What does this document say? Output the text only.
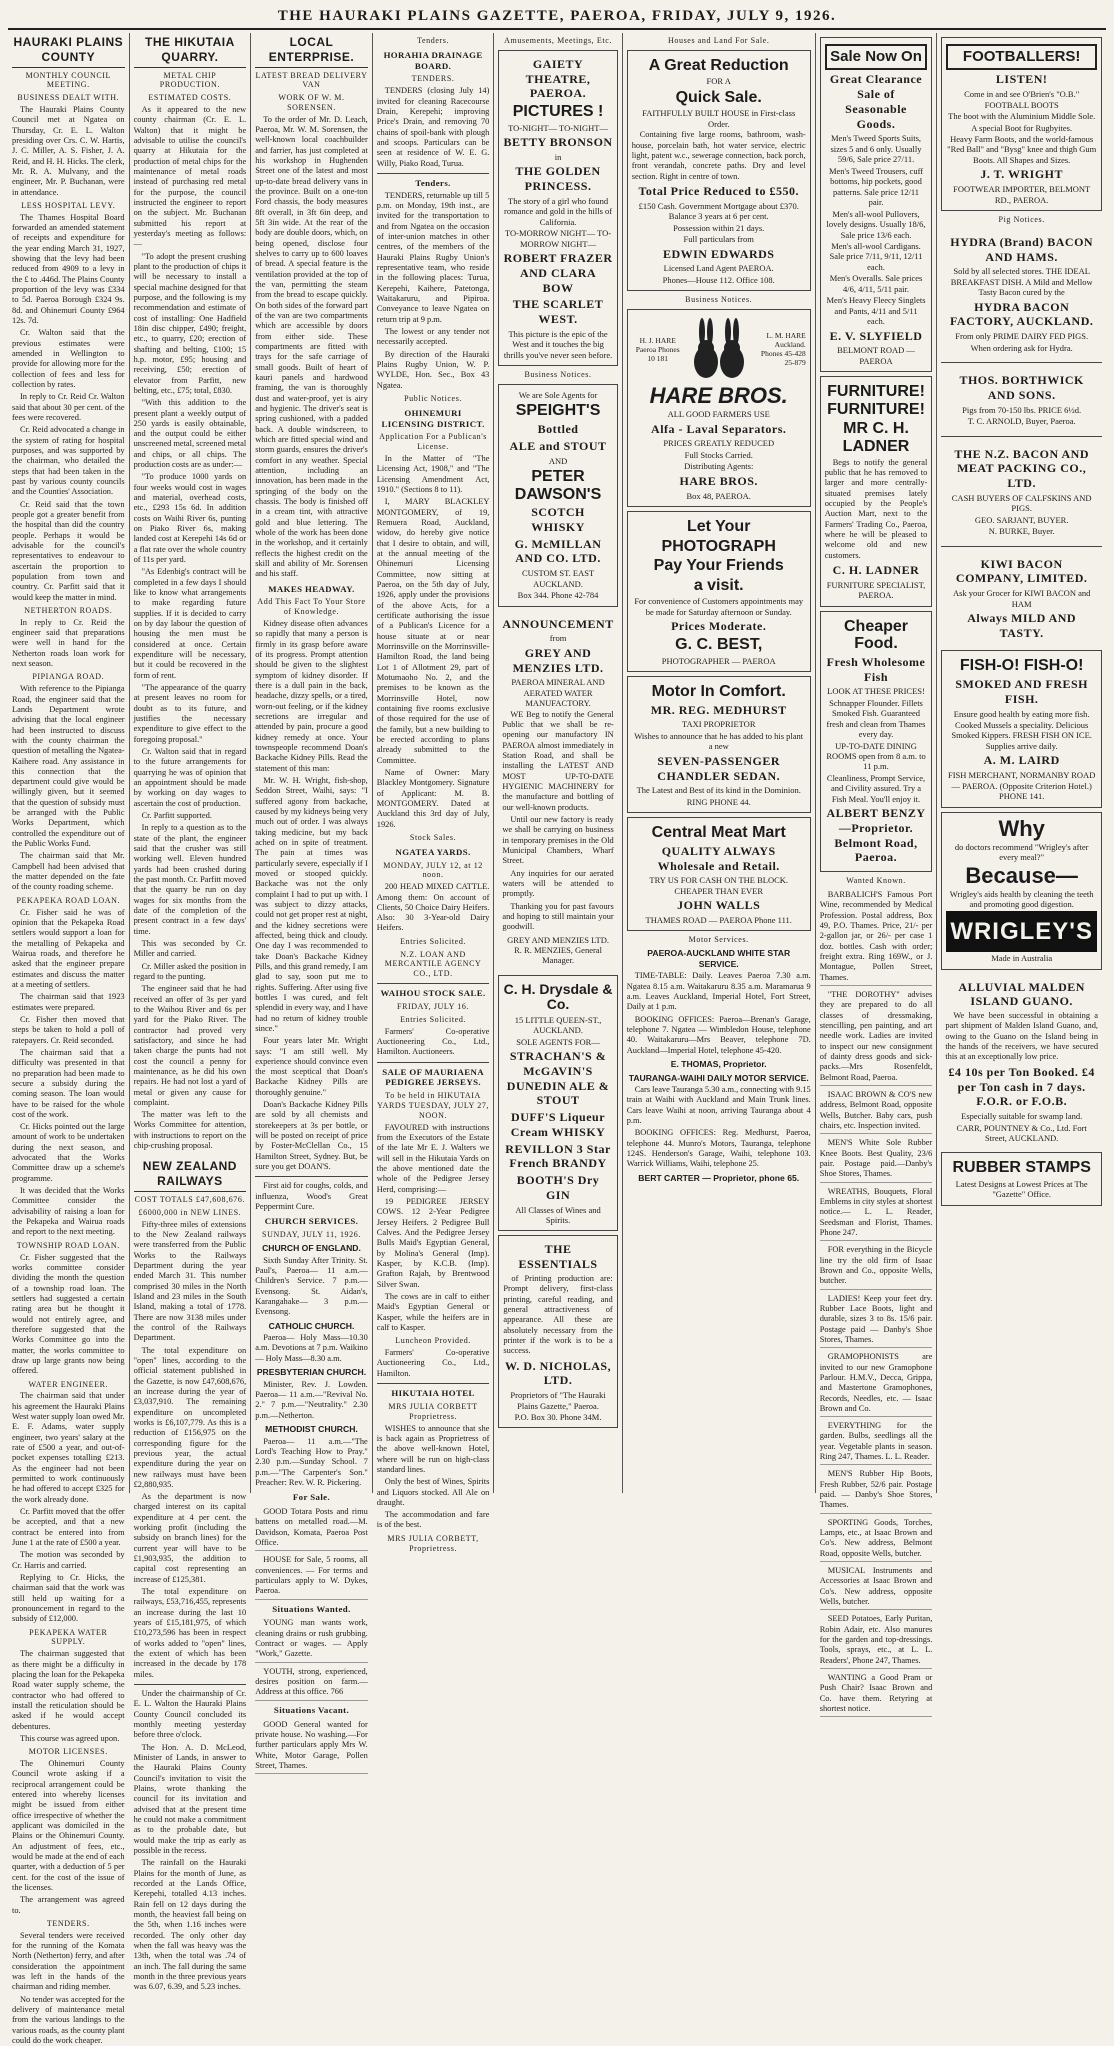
THE HAURAKI PLAINS GAZETTE, PAEROA, FRIDAY, JULY 9, 1926.
HAURAKI PLAINS COUNTY
MONTHLY COUNCIL MEETING.
BUSINESS DEALT WITH.

The Hauraki Plains County Council met at Ngatea on Thursday, Cr. E. L. Walton presiding over Crs. C. W. Hartis, J. C. Miller, A. S. Fisher, J. A. Reid, and H. H. Hicks. The clerk, Mr. R. A. Mulvany, and the engineer, Mr. P. Buchanan, were in attendance.

LESS HOSPITAL LEVY.

The Thames Hospital Board forwarded an amended statement of receipts and expenditure for the year ending March 31, 1927, showing that the levy had been reduced from 4909 to a levy in the £ to .446d. The Plains County proportion of the levy was £334 to 5d. Paeroa Borough £324 9s. 8d. and Ohinemuri County £964 12s. 7d.

Cr. Walton said that the previous estimates were amended in Wellington to provide for allowing more for the collection of fees and less for collection by rates.

In reply to Cr. Reid Cr. Walton said that about 30 per cent. of the fees were recovered.

Cr. Reid advocated a change in the system of rating for hospital purposes, and was supported by the chairman, who detailed the steps that had been taken in the past by various county councils and the Counties' Association.

Cr. Reid said that the town people got a greater benefit from the hospital than did the country people. Perhaps it would be advisable for the council's representatives to endeavour to ascertain the proportion to population from town and country. Cr. Parfitt said that it would keep the matter in mind.

NETHERTON ROADS.

In reply to Cr. Reid the engineer said that preparations were well in hand for the Netherton roads loan work for next season.

PIPIANGA ROAD.

With reference to the Pipianga Road, the engineer said that the Lands Department wrote advising that the local engineer had been instructed to discuss with the county chairman the question of metalling the Ngatea-Kaihere road. Any assistance in this connection that the department could give would be willingly given, but it seemed that the question of subsidy must be arranged with the Public Works Department, which controlled the expenditure out of the Public Works Fund.

The chairman said that Mr. Campbell had been advised that the matter depended on the fate of the county roading scheme.

PEKAPEKA ROAD LOAN.

Cr. Fisher said he was of opinion that the Pekapeka Road settlers would support a loan for the metalling of Pekapeka and Wairua roads, and therefore he asked that the engineer prepare estimates and discuss the matter at a meeting of settlers.

The chairman said that 1923 estimates were prepared.

Cr. Fisher then moved that steps be taken to hold a poll of ratepayers. Cr. Reid seconded.

The chairman said that a difficulty was presented in that no preparation had been made to secure a subsidy during the coming season. The loan would have to be raised for the whole cost of the work.

Cr. Hicks pointed out the large amount of work to be undertaken during the next season, and advocated that the Works Committee draw up a scheme's programme.

It was decided that the Works Committee consider the advisability of raising a loan for the Pekapeka and Wairua roads and report to the next meeting.

TOWNSHIP ROAD LOAN.

Cr. Fisher suggested that the works committee consider dividing the month the question of a township road loan. The settlers had suggested a certain rating area but he thought it would not entirely agree, and therefore suggested that the Works Committee go into the matter, the works committee to draw up large grants now being offered.

WATER ENGINEER.

The chairman said that under his agreement the Hauraki Plains West water supply loan owed Mr. E. F. Adams, water supply engineer, two years' salary at the rate of £500 a year, and out-of-pocket expenses totalling £213. As the engineer had not been permitted to work continuously he had offered to accept £325 for the work already done.

Cr. Parfitt moved that the offer be accepted, and that a new contract be entered into from June 1 at the rate of £500 a year.

The motion was seconded by Cr. Harris and carried.

Replying to Cr. Hicks, the chairman said that the work was still held up waiting for a pronouncement in regard to the subsidy of £12,000.

PEKAPEKA WATER SUPPLY.

The chairman suggested that as there might be a difficulty in placing the loan for the Pekapeka Road water supply scheme, the contractor who had offered to install the reticulation should be asked if he would accept debentures.

This course was agreed upon.

MOTOR LICENSES.

The Ohinemuri County Council wrote asking if a reciprocal arrangement could be entered into whereby licenses might be issued from either office irrespective of whether the applicant was domiciled in the Plains or the Ohinemuri County. An adjustment of fees, etc., would be made at the end of each quarter, with a deduction of 5 per cent. for the cost of the issue of the licenses.

The arrangement was agreed to.

TENDERS.

Several tenders were received for the running of the Komata North (Netherton) ferry, and after consideration the appointment was left in the hands of the chairman and riding member.

No tender was accepted for the delivery of maintenance metal from the various landings to the various roads, as the county plant could do the work cheaper.

THE HIKUTAIA QUARRY.
METAL CHIP PRODUCTION.
ESTIMATED COSTS.

As it appeared to the new county chairman (Cr. E. L. Walton) that it might be advisable to utilise the council's quarry at Hikutaia for the production of metal chips for the maintenance of metal roads instead of purchasing red metal for the purpose, the council instructed the engineer to report on the subject. Mr. Buchanan submitted his report at yesterday's meeting as follows:—

"To adopt the present crushing plant to the production of chips it will be necessary to install a special machine designed for that purpose, and the following is my recommendation and estimate of cost of installing: One Hadfield 18in disc chipper, £490; freight, etc., to quarry, £20; erection of shafting and belting, £100; 15 h.p. motor, £95; housing and receiving, £50; erection of elevator from Parfitt, new belting, etc., £75; total, £830.

"With this addition to the present plant a weekly output of 250 yards is easily obtainable, and the output could be either unscreened metal, screened metal and chips, or all chips. The production costs are as under:—

"To produce 1000 yards on four weeks would cost in wages and material, overhead costs, etc., £293 15s 6d. In addition costs on Waihi River 6s, punting on Piako River 6s, making landed cost at Kerepehi 14s 6d or a flat rate over the whole country of 11s per yard.

"As Edenbig's contract will be completed in a few days I should like to know what arrangements to make regarding future supplies. If it is decided to carry on by day labour the question of housing the men must be considered at once. Certain expenditure will be necessary, but it could be recovered in the form of rent.

"The appearance of the quarry at present leaves no room for doubt as to its future, and justifies the necessary expenditure to give effect to the foregoing proposal."

Cr. Walton said that in regard to the future arrangements for quarrying he was of opinion that an appointment should be made by working on day wages to ascertain the cost of production.

Cr. Parfitt supported.

In reply to a question as to the state of the plant, the engineer said that the crusher was still working well. Eleven hundred yards had been crushed during the past month. Cr. Parfitt moved that the quarry be run on day wages for six months from the date of the completion of the present contract in a few days' time.

This was seconded by Cr. Miller and carried.

Cr. Miller asked the position in regard to the punting.

The engineer said that he had received an offer of 3s per yard to the Waihou River and 6s per yard for the Piako River. The contractor had proved very satisfactory, and since he had taken charge the punts had not cost the council a penny for maintenance, as he did his own repairs. He had not lost a yard of metal or given any cause for complaint.

The matter was left to the Works Committee for attention, with instructions to report on the chip-crushing proposal.

NEW ZEALAND RAILWAYS
COST TOTALS £47,608,676.
£6000,000 in NEW LINES.

Fifty-three miles of extensions to the New Zealand railways were transferred from the Public Works to the Railways Department during the year ended March 31. This number comprised 30 miles in the North Island and 23 miles in the South Island, making a total of 1778. There are now 3138 miles under the control of the Railways Department.

The total expenditure on "open" lines, according to the official statement published in the Gazette, is now £47,608,676, an increase during the year of £3,037,910. The remaining expenditure on uncompleted works is £6,107,779. As this is a reduction of £156,975 on the corresponding figure for the previous year, the actual expenditure during the year on new railways must have been £2,880,935.

As the department is now charged interest on its capital expenditure at 4 per cent. the working profit (including the subsidy on branch lines) for the current year will have to be £1,903,935, the addition to capital cost representing an increase of £125,381.

The total expenditure on railways, £53,716,455, represents an increase during the last 10 years of £15,181,975, of which £10,273,596 has been in respect of works added to "open" lines, the extent of which has been increased in the decade by 178 miles.

Under the chairmanship of Cr. E. L. Walton the Hauraki Plains County Council concluded its monthly meeting yesterday before three o'clock.

The Hon. A. D. McLeod, Minister of Lands, in answer to the Hauraki Plains County Council's invitation to visit the Plains, wrote thanking the council for its invitation and advised that at the present time he could not make a commitment as to the probable date, but would make the trip as early as possible in the recess.

The rainfall on the Hauraki Plains for the month of June, as recorded at the Lands Office, Kerepehi, totalled 4.13 inches. Rain fell on 12 days during the month, the heaviest fall being on the 5th, when 1.16 inches were recorded. The only other day when the fall was heavy was the 13th, when the total was .74 of an inch. The fall during the same month in the three previous years was 6.07, 6.39, and 5.23 inches.

LOCAL ENTERPRISE.
LATEST BREAD DELIVERY VAN
WORK OF W. M. SORENSEN.

To the order of Mr. D. Leach, Paeroa, Mr. W. M. Sorensen, the well-known local coachbuilder and farrier, has just completed at his workshop in Hughenden Street one of the latest and most up-to-date bread delivery vans in the province. Built on a one-ton Ford chassis, the body measures 8ft overall, in 3ft 6in deep, and 5ft 3in wide. At the rear of the body are double doors, which, on being opened, disclose four shelves to carry up to 600 loaves of bread. A special feature is the ventilation provided at the top of the van, permitting the steam from the bread to escape quickly. On both sides of the forward part of the van are two compartments which are accessible by doors from either side. These compartments are fitted with trays for the safe carriage of small goods. Built of heart of kauri panels and hardwood framing, the van is thoroughly dust and water-proof, yet is airy and hygienic. The driver's seat is spring cushioned, with a padded back. A double windscreen, to which are fitted special wind and storm guards, ensures the driver's comfort in any weather. Special attention, including an innovation, has been made in the springing of the body on the chassis. The body is finished off in a cream tint, with attractive gold and blue lettering. The whole of the work has been done in the workshop, and it certainly reflects the highest credit on the skill and ability of Mr. Sorensen and his staff.

MAKES HEADWAY.
Add This Fact To Your Store of Knowledge.

Kidney disease often advances so rapidly that many a person is firmly in its grasp before aware of its progress. Prompt attention should be given to the slightest symptom of kidney disorder. If there is a dull pain in the back, headache, dizzy spells, or a tired, worn-out feeling, or if the kidney secretions are irregular and attended by pain, procure a good kidney remedy at once. Your townspeople recommend Doan's Backache Kidney Pills. Read the statement of this man:

Mr. W. H. Wright, fish-shop, Seddon Street, Waihi, says: "I suffered agony from backache, caused by my kidneys being very much out of order. I was always taking medicine, but my back ached on in spite of treatment. The pain at times was particularly severe, especially if I moved or stooped quickly. Backache was not the only complaint I had to put up with. I was subject to dizzy attacks, could not get proper rest at night, and the kidney secretions were affected, being thick and cloudy. One day I was recommended to take Doan's Backache Kidney Pills, and this grand remedy, I am glad to say, soon put me to rights. Suffering. After using five bottles I was cured, and felt splendid in every way, and I have had no return of kidney trouble since."

Four years later Mr. Wright says: "I am still well. My experience should convince even the most sceptical that Doan's Backache Kidney Pills are thoroughly genuine."

Doan's Backache Kidney Pills are sold by all chemists and storekeepers at 3s per bottle, or will be posted on receipt of price by Foster-McClellan Co., 15 Hamilton Street, Sydney. But, be sure you get DOAN'S.

First aid for coughs, colds, and influenza, Wood's Great Peppermint Cure.

CHURCH SERVICES.
SUNDAY, JULY 11, 1926.
CHURCH OF ENGLAND.

Sixth Sunday After Trinity. St. Paul's, Paeroa— 11 a.m.—Children's Service. 7 p.m.—Evensong. St. Aidan's, Karangahake— 3 p.m.—Evensong.

CATHOLIC CHURCH.

Paeroa— Holy Mass—10.30 a.m. Devotions at 7 p.m. Waikino— Holy Mass—8.30 a.m.

PRESBYTERIAN CHURCH.

Minister, Rev. J. Lowden. Paeroa— 11 a.m.—"Revival No. 2." 7 p.m.—"Neutrality." 2.30 p.m.—Netherton.

METHODIST CHURCH.

Paeroa— 11 a.m.—"The Lord's Teaching How to Pray." 2.30 p.m.—Sunday School. 7 p.m.—"The Carpenter's Son." Preacher: Rev. W. R. Pickering.

For Sale.

GOOD Totara Posts and rimu battens on metalled road.—M. Davidson, Komata, Paeroa Post Office.

HOUSE for Sale, 5 rooms, all conveniences. — For terms and particulars apply to W. Dykes, Paeroa.

Situations Wanted.

YOUNG man wants work, cleaning drains or rush grubbing. Contract or wages. — Apply "Work," Gazette.

YOUTH, strong, experienced, desires position on farm.—Address at this office. 766

Situations Vacant.

GOOD General wanted for private house. No washing.—For further particulars apply Mrs W. White, Motor Garage, Pollen Street, Thames.

Tenders.
HORAHIA DRAINAGE BOARD.
TENDERS.

TENDERS (closing July 14) invited for cleaning Racecourse Drain, Kerepehi; improving Price's Drain, and removing 70 chains of spoil-bank with plough and scoops. Particulars can be seen at residence of W. E. G. Willy, Piako Road, Turua.

Tenders.

TENDERS, returnable up till 5 p.m. on Monday, 19th inst., are invited for the transportation to and from Ngatea on the occasion of inter-union matches in other centres, of the members of the Hauraki Plains Rugby Union's representative team, who reside in the following places: Turua, Kerepehi, Kaihere, Patetonga, Waitakaruru, and Pipiroa. Conveyance to leave Ngatea on return trip at 9 p.m.

The lowest or any tender not necessarily accepted.

By direction of the Hauraki Plains Rugby Union, W. P. WYLDE, Hon. Sec., Box 43 Ngatea.

Public Notices.
OHINEMURI LICENSING DISTRICT.
Application For a Publican's License.

In the Matter of "The Licensing Act, 1908," and "The Licensing Amendment Act, 1910." (Sections 8 to 11).

I, MARY BLACKLEY MONTGOMERY, of 19, Remuera Road, Auckland, widow, do hereby give notice that I desire to obtain, and will, at the annual meeting of the Ohinemuri Licensing Committee, now sitting at Paeroa, on the 5th day of July, 1926, apply under the provisions of the above Acts, for a certificate authorising the issue of a Publican's Licence for a house situate at or near Morrinsville on the Morrinsville-Hamilton Road, the land being Lot 1 of Allotment 29, part of Motumaoho No. 2, and the premises to be known as the Morrinsville Hotel, now containing five rooms exclusive of those required for the use of the family, but a new building to be erected according to plans already submitted to the Committee.

Name of Owner: Mary Blackley Montgomery. Signature of Applicant: M. B. MONTGOMERY. Dated at Auckland this 3rd day of July, 1926.

Stock Sales.
NGATEA YARDS.
MONDAY, JULY 12, at 12 noon.

200 HEAD MIXED CATTLE. Among them: On account of Clients, 50 Choice Dairy Heifers. Also: 30 3-Year-old Dairy Heifers.

Entries Solicited.
N.Z. LOAN AND MERCANTILE AGENCY CO., LTD.
WAIHOU STOCK SALE.
FRIDAY, JULY 16.
Entries Solicited.

Farmers' Co-operative Auctioneering Co., Ltd., Hamilton. Auctioneers.

SALE OF MAURIAENA PEDIGREE JERSEYS.
To be held in HIKUTAIA YARDS TUESDAY, JULY 27, NOON.

FAVOURED with instructions from the Executors of the Estate of the late Mr E. J. Walters we will sell in the Hikutaia Yards on the above mentioned date the whole of the Pedigree Jersey Herd, comprising:—

19 PEDIGREE JERSEY COWS. 12 2-Year Pedigree Jersey Heifers. 2 Pedigree Bull Calves. And the Pedigree Jersey Bulls Maid's Egyptian General, by Molina's General (Imp). Kasper, by K.C.B. (Imp). Grafton Rajah, by Brentwood Silver Swan.

The cows are in calf to either Maid's Egyptian General or Kasper, while the heifers are in calf to Kasper.

Luncheon Provided.

Farmers' Co-operative Auctioneering Co., Ltd., Hamilton.

HIKUTAIA HOTEL
MRS JULIA CORBETT Proprietress.

WISHES to announce that she is back again as Proprietress of the above well-known Hotel, where will be run on high-class standard lines.

Only the best of Wines, Spirits and Liquors stocked. All Ale on draught.

The accommodation and fare is of the best.

MRS JULIA CORBETT, Proprietress.
Amusements, Meetings, Etc.
GAIETY THEATRE, PAEROA.
PICTURES !
TO-NIGHT— TO-NIGHT—
BETTY BRONSON
in
THE GOLDEN PRINCESS.
The story of a girl who found romance and gold in the hills of California.
TO-MORROW NIGHT— TO-MORROW NIGHT—
ROBERT FRAZER AND CLARA BOW
THE SCARLET WEST.
This picture is the epic of the West and it touches the big thrills you've never seen before.
Business Notices.
We are Sole Agents for
SPEIGHT'S
Bottled
ALE and STOUT
AND
PETER DAWSON'S
SCOTCH WHISKY
G. McMILLAN AND CO. LTD.
CUSTOM ST. EAST AUCKLAND.
Box 344. Phone 42-784
ANNOUNCEMENT
from
GREY AND MENZIES LTD.
PAEROA MINERAL AND AERATED WATER MANUFACTORY.

WE Beg to notify the General Public that we shall be re-opening our manufactory IN PAEROA almost immediately in Station Road, and shall be installing the LATEST AND MOST UP-TO-DATE HYGIENIC MACHINERY for the manufacture and bottling of our well-known products.

Until our new factory is ready we shall be carrying on business in temporary premises in the Old Municipal Chambers, Wharf Street.

Any inquiries for our aerated waters will be attended to promptly.

Thanking you for past favours and hoping to still maintain your goodwill.

GREY AND MENZIES LTD. R. R. MENZIES, General Manager.
C. H. Drysdale & Co.
15 LITTLE QUEEN-ST., AUCKLAND.
SOLE AGENTS FOR—
STRACHAN'S & McGAVIN'S DUNEDIN ALE & STOUT
DUFF'S Liqueur Cream WHISKY
REVILLON 3 Star French BRANDY
BOOTH'S Dry GIN
All Classes of Wines and Spirits.
THE ESSENTIALS

of Printing production are: Prompt delivery, first-class printing, careful reading, and general attractiveness of appearance. All these are absolutely necessary from the printer if the work is to be a success.

W. D. NICHOLAS, LTD.
Proprietors of "The Hauraki Plains Gazette," Paeroa.
P.O. Box 30. Phone 34M.
Houses and Land For Sale.
A Great Reduction
FOR A
Quick Sale.
FAITHFULLY BUILT HOUSE in First-class Order.

Containing five large rooms, bathroom, wash-house, porcelain bath, hot water service, electric light, patent w.c., sewerage connection, back porch, front verandah, concrete paths. Dry and level section. Right in centre of town.

Total Price Reduced to £550.
£150 Cash. Government Mortgage about £370. Balance 3 years at 6 per cent.
Possession within 21 days.
Full particulars from
EDWIN EDWARDS
Licensed Land Agent PAEROA.
Phones—House 112. Office 108.
Business Notices.
H. J. HARE Paeroa Phones 10 181
L. M. HARE Auckland. Phones 45-428 25-879
HARE BROS.
ALL GOOD FARMERS USE
Alfa - Laval Separators.
PRICES GREATLY REDUCED
Full Stocks Carried.
Distributing Agents:
HARE BROS.
Box 48, PAEROA.
Let Your
PHOTOGRAPH
Pay Your Friends
a visit.
For convenience of Customers appointments may be made for Saturday afternoon or Sunday.
Prices Moderate.
G. C. BEST,
PHOTOGRAPHER — PAEROA
Motor In Comfort.
MR. REG. MEDHURST
TAXI PROPRIETOR
Wishes to announce that he has added to his plant a new
SEVEN-PASSENGER CHANDLER SEDAN.
The Latest and Best of its kind in the Dominion.
RING PHONE 44.
Central Meat Mart
QUALITY ALWAYS Wholesale and Retail.
TRY US FOR CASH ON THE BLOCK. CHEAPER THAN EVER
JOHN WALLS
THAMES ROAD — PAEROA Phone 111.
Motor Services.
PAEROA-AUCKLAND WHITE STAR SERVICE.

TIME-TABLE: Daily. Leaves Paeroa 7.30 a.m. Ngatea 8.15 a.m. Waitakaruru 8.35 a.m. Maramarua 9 a.m. Leaves Auckland, Imperial Hotel, Fort Street, Daily at 1 p.m.

BOOKING OFFICES: Paeroa—Brenan's Garage, telephone 7. Ngatea — Wimbledon House, telephone 40. Waitakaruru—Mrs Beaver, telephone 7D. Auckland—Imperial Hotel, telephone 45-420.

E. THOMAS, Proprietor.
TAURANGA-WAIHI DAILY MOTOR SERVICE.

Cars leave Tauranga 5.30 a.m., connecting with 9.15 train at Waihi with Auckland and Main Trunk lines. Cars leave Waihi at noon, arriving Tauranga about 4 p.m.

BOOKING OFFICES: Reg. Medhurst, Paeroa, telephone 44. Munro's Motors, Tauranga, telephone 124S. Henderson's Garage, Waihi, telephone 103. Warrick Williams, Waihi, telephone 25.

BERT CARTER — Proprietor, phone 65.
Sale Now On
Great Clearance Sale of Seasonable Goods.
Men's Tweed Sports Suits, sizes 5 and 6 only. Usually 59/6, Sale price 27/11.
Men's Tweed Trousers, cuff bottoms, hip pockets, good patterns. Sale price 12/11 pair.
Men's all-wool Pullovers, lovely designs. Usually 18/6, Sale price 13/6 each.
Men's all-wool Cardigans. Sale price 7/11, 9/11, 12/11 each.
Men's Overalls. Sale prices 4/6, 4/11, 5/11 pair.
Men's Heavy Fleecy Singlets and Pants, 4/11 and 5/11 each.
E. V. SLYFIELD
BELMONT ROAD — PAEROA
FURNITURE! FURNITURE!
MR C. H. LADNER

Begs to notify the general public that he has removed to larger and more centrally-situated premises lately occupied by the People's Auction Mart, next to the Farmers' Trading Co., Paeroa, where he will be pleased to welcome old and new customers.

C. H. LADNER
FURNITURE SPECIALIST, PAEROA.
Cheaper Food.
Fresh Wholesome Fish
LOOK AT THESE PRICES!
Schnapper Flounder. Fillets Smoked Fish. Guaranteed fresh and clean from Thames every day.
UP-TO-DATE DINING ROOMS open from 8 a.m. to 11 p.m.
Cleanliness, Prompt Service, and Civility assured. Try a Fish Meal. You'll enjoy it.
ALBERT BENZY—Proprietor. Belmont Road, Paeroa.
Wanted Known.

BARBALICH'S Famous Port Wine, recommended by Medical Profession. Postal address, Box 49, P.O. Thames. Price, 21/- per 2-gallon jar, or 26/- per case 1 doz. bottles. Cash with order; freight extra. Ring 169W., or J. Montague, Pollen Street, Thames.

"THE DOROTHY" advises they are prepared to do all classes of dressmaking, stencilling, pen painting, and art needle work. Ladies are invited to inspect our new consignment of dainty dress goods and sick-packs.—Mrs Rosenfeldt, Belmont Road, Paeroa.

ISAAC BROWN & CO'S new address, Belmont Road, opposite Wells, Butcher. Baby cars, push chairs, etc. Inspection invited.

MEN'S White Sole Rubber Knee Boots. Best Quality, 23/6 pair. Postage paid.—Danby's Shoe Stores, Thames.

WREATHS, Bouquets, Floral Emblems in city styles at shortest notice.— L. L. Reader, Seedsman and Florist, Thames. Phone 247.

FOR everything in the Bicycle line try the old firm of Isaac Brown and Co., opposite Wells, butcher.

LADIES! Keep your feet dry. Rubber Lace Boots, light and durable, sizes 3 to 8s. 15/6 pair. Postage paid — Danby's Shoe Stores, Thames.

GRAMOPHONISTS are invited to our new Gramophone Parlour. H.M.V., Decca, Grippa, and Mastertone Gramophones, Records, Needles, etc. — Isaac Brown and Co.

EVERYTHING for the garden. Bulbs, seedlings all the year. Vegetable plants in season. Ring 247, Thames. L. L. Reader.

MEN'S Rubber Hip Boots, Fresh Rubber, 52/6 pair. Postage paid. — Danby's Shoe Stores, Thames.

SPORTING Goods, Torches, Lamps, etc., at Isaac Brown and Co's. New address, Belmont Road, opposite Wells, butcher.

MUSICAL Instruments and Accessories at Isaac Brown and Co's. New address, opposite Wells, butcher.

SEED Potatoes, Early Puritan, Robin Adair, etc. Also manures for the garden and top-dressings. Tools, sprays, etc., at L. L. Readers', Phone 247, Thames.

WANTING a Good Pram or Push Chair? Isaac Brown and Co. have them. Retyring at shortest notice.

FOOTBALLERS!
LISTEN!
Come in and see O'Brien's "O.B." FOOTBALL BOOTS
The boot with the Aluminium Middle Sole.
A special Boot for Rugbyites.
Heavy Farm Boots, and the world-famous "Red Ball" and "Bysg" knee and thigh Gum Boots. All Shapes and Sizes.
J. T. WRIGHT
FOOTWEAR IMPORTER, BELMONT RD., PAEROA.
Pig Notices.
HYDRA (Brand) BACON AND HAMS.
Sold by all selected stores. THE IDEAL BREAKFAST DISH. A Mild and Mellow Tasty Bacon cured by the
HYDRA BACON FACTORY, AUCKLAND.
From only PRIME DAIRY FED PIGS.
When ordering ask for Hydra.
THOS. BORTHWICK AND SONS.
Pigs from 70-150 lbs. PRICE 6½d.
T. C. ARNOLD, Buyer, Paeroa.
THE N.Z. BACON AND MEAT PACKING CO., LTD.
CASH BUYERS OF CALFSKINS AND PIGS.
GEO. SARJANT, BUYER.
N. BURKE, Buyer.
KIWI BACON COMPANY, LIMITED.
Ask your Grocer for KIWI BACON and HAM
Always MILD AND TASTY.
FISH-O! FISH-O!
SMOKED AND FRESH FISH.
Ensure good health by eating more fish.
Cooked Mussels a speciality. Delicious Smoked Kippers. FRESH FISH ON ICE. Supplies arrive daily.
A. M. LAIRD
FISH MERCHANT, NORMANBY ROAD — PAEROA. (Opposite Criterion Hotel.) PHONE 141.
Why
do doctors recommend "Wrigley's after every meal?"
Because—
Wrigley's aids health by cleaning the teeth and promoting good digestion.
WRIGLEY'S
Made in Australia
ALLUVIAL MALDEN ISLAND GUANO.

We have been successful in obtaining a part shipment of Malden Island Guano, and, owing to the Guano on the Island being in the hands of the receivers, we have secured this at an exceptionally low price.

£4 10s per Ton Booked. £4 per Ton cash in 7 days. F.O.R. or F.O.B.
Especially suitable for swamp land.
CARR, POUNTNEY & Co., Ltd. Fort Street, AUCKLAND.
RUBBER STAMPS
Latest Designs at Lowest Prices at The "Gazette" Office.
